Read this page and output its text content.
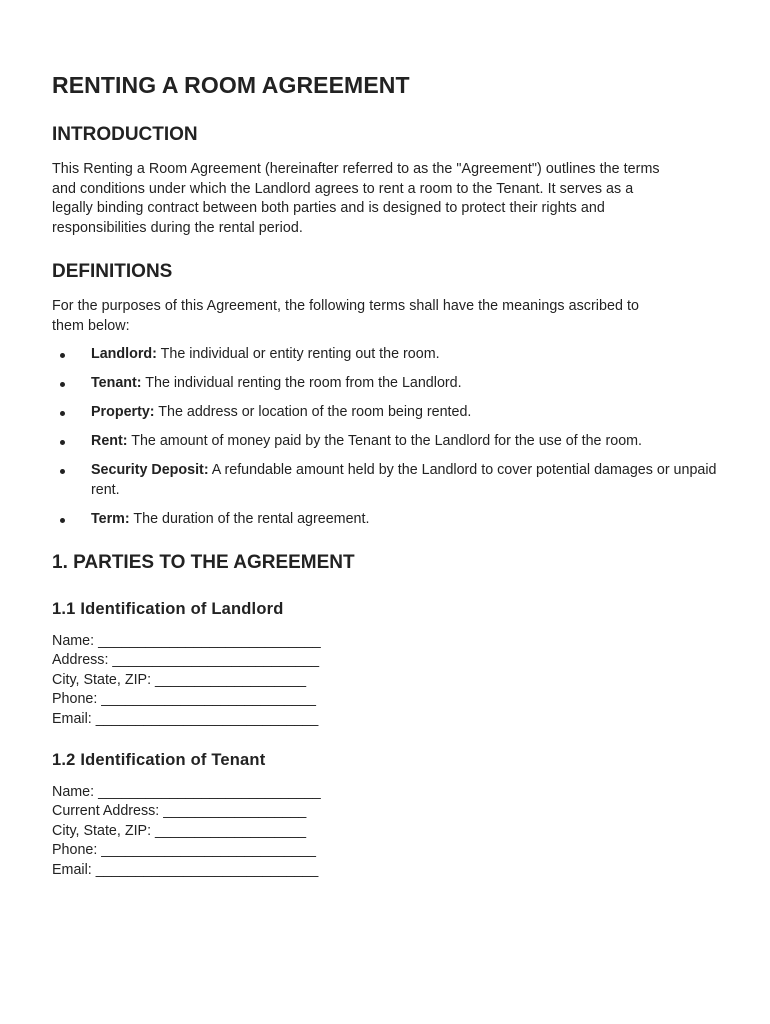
RENTING A ROOM AGREEMENT
INTRODUCTION

This Renting a Room Agreement (hereinafter referred to as the "Agreement") outlines the terms
and conditions under which the Landlord agrees to rent a room to the Tenant. It serves as a
legally binding contract between both parties and is designed to protect their rights and
responsibilities during the rental period.

DEFINITIONS

For the purposes of this Agreement, the following terms shall have the meanings ascribed to
them below:

Landlord: The individual or entity renting out the room.
Tenant: The individual renting the room from the Landlord.
Property: The address or location of the room being rented.
Rent: The amount of money paid by the Tenant to the Landlord for the use of the room.
Security Deposit: A refundable amount held by the Landlord to cover potential damages or unpaid rent.
Term: The duration of the rental agreement.
1. PARTIES TO THE AGREEMENT
1.1 Identification of Landlord
Name: ____________________________
Address: __________________________
City, State, ZIP: ___________________
Phone: ___________________________
Email: ____________________________
1.2 Identification of Tenant
Name: ____________________________
Current Address: __________________
City, State, ZIP: ___________________
Phone: ___________________________
Email: ____________________________
